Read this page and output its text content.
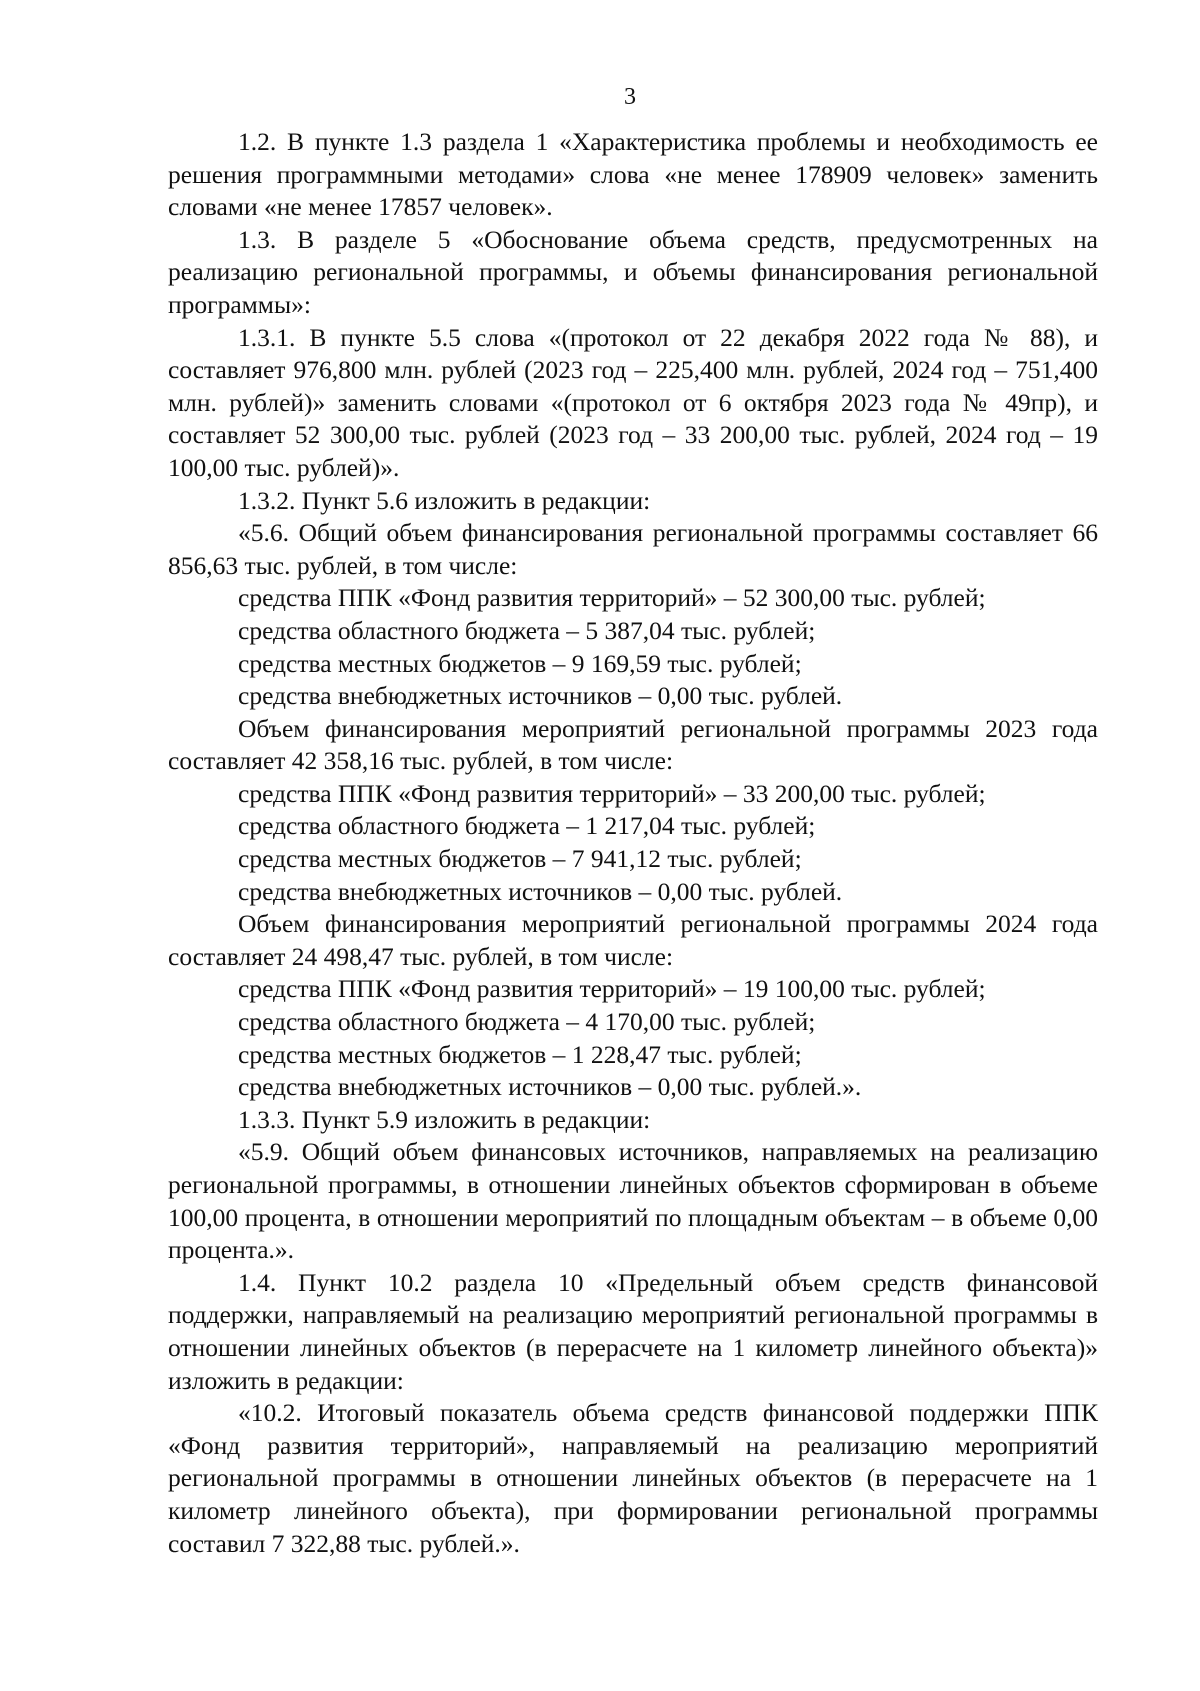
3

1.2. В пункте 1.3 раздела 1 «Характеристика проблемы и необходимость ее решения программными методами» слова «не менее 178909 человек» заменить словами «не менее 17857 человек».

1.3. В разделе 5 «Обоснование объема средств, предусмотренных на реализацию региональной программы, и объемы финансирования региональной программы»:

1.3.1. В пункте 5.5 слова «(протокол от 22 декабря 2022 года № 88), и составляет 976,800 млн. рублей (2023 год – 225,400 млн. рублей, 2024 год – 751,400 млн. рублей)» заменить словами «(протокол от 6 октября 2023 года № 49пр), и составляет 52 300,00 тыс. рублей (2023 год – 33 200,00 тыс. рублей, 2024 год – 19 100,00 тыс. рублей)».

1.3.2. Пункт 5.6 изложить в редакции:

«5.6. Общий объем финансирования региональной программы составляет 66 856,63 тыс. рублей, в том числе:

средства ППК «Фонд развития территорий» – 52 300,00 тыс. рублей;

средства областного бюджета – 5 387,04 тыс. рублей;

средства местных бюджетов – 9 169,59 тыс. рублей;

средства внебюджетных источников – 0,00 тыс. рублей.

Объем финансирования мероприятий региональной программы 2023 года составляет 42 358,16 тыс. рублей, в том числе:

средства ППК «Фонд развития территорий» – 33 200,00 тыс. рублей;

средства областного бюджета – 1 217,04 тыс. рублей;

средства местных бюджетов – 7 941,12 тыс. рублей;

средства внебюджетных источников – 0,00 тыс. рублей.

Объем финансирования мероприятий региональной программы 2024 года составляет 24 498,47 тыс. рублей, в том числе:

средства ППК «Фонд развития территорий» – 19 100,00 тыс. рублей;

средства областного бюджета – 4 170,00 тыс. рублей;

средства местных бюджетов – 1 228,47 тыс. рублей;

средства внебюджетных источников – 0,00 тыс. рублей.».

1.3.3. Пункт 5.9 изложить в редакции:

«5.9. Общий объем финансовых источников, направляемых на реализацию региональной программы, в отношении линейных объектов сформирован в объеме 100,00 процента, в отношении мероприятий по площадным объектам – в объеме 0,00 процента.».

1.4. Пункт 10.2 раздела 10 «Предельный объем средств финансовой поддержки, направляемый на реализацию мероприятий региональной программы в отношении линейных объектов (в перерасчете на 1 километр линейного объекта)» изложить в редакции:

«10.2. Итоговый показатель объема средств финансовой поддержки ППК «Фонд развития территорий», направляемый на реализацию мероприятий региональной программы в отношении линейных объектов (в перерасчете на 1 километр линейного объекта), при формировании региональной программы составил 7 322,88 тыс. рублей.».
